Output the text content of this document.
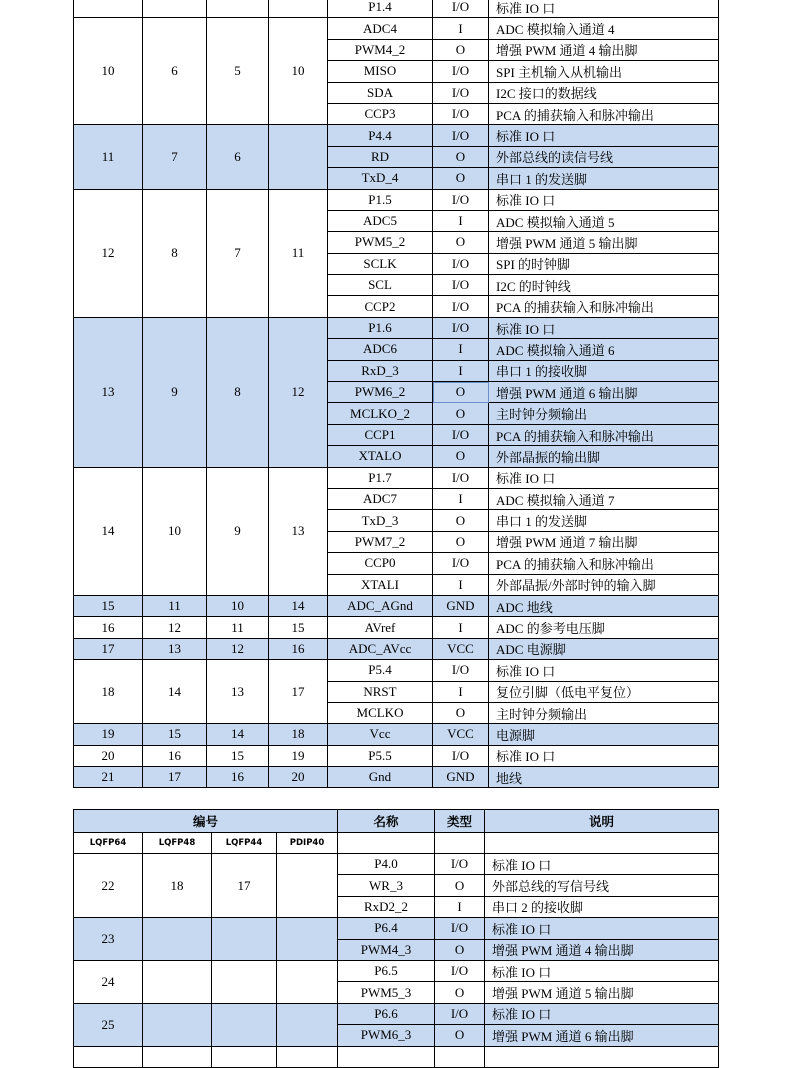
				P1.4	I/O	标准 IO 口
10	6	5	10	ADC4	I	ADC 模拟输入通道 4
				PWM4_2	O	增强 PWM 通道 4 输出脚
				MISO	I/O	SPI 主机输入从机输出
				SDA	I/O	I2C 接口的数据线
				CCP3	I/O	PCA 的捕获输入和脉冲输出
11	7	6		P4.4	I/O	标准 IO 口
				RD	O	外部总线的读信号线
				TxD_4	O	串口 1 的发送脚
12	8	7	11	P1.5	I/O	标准 IO 口
				ADC5	I	ADC 模拟输入通道 5
				PWM5_2	O	增强 PWM 通道 5 输出脚
				SCLK	I/O	SPI 的时钟脚
				SCL	I/O	I2C 的时钟线
				CCP2	I/O	PCA 的捕获输入和脉冲输出
13	9	8	12	P1.6	I/O	标准 IO 口
				ADC6	I	ADC 模拟输入通道 6
				RxD_3	I	串口 1 的接收脚
				PWM6_2	O	增强 PWM 通道 6 输出脚
				MCLKO_2	O	主时钟分频输出
				CCP1	I/O	PCA 的捕获输入和脉冲输出
				XTALO	O	外部晶振的输出脚
14	10	9	13	P1.7	I/O	标准 IO 口
				ADC7	I	ADC 模拟输入通道 7
				TxD_3	O	串口 1 的发送脚
				PWM7_2	O	增强 PWM 通道 7 输出脚
				CCP0	I/O	PCA 的捕获输入和脉冲输出
				XTALI	I	外部晶振/外部时钟的输入脚
15	11	10	14	ADC_AGnd	GND	ADC 地线
16	12	11	15	AVref	I	ADC 的参考电压脚
17	13	12	16	ADC_AVcc	VCC	ADC 电源脚
18	14	13	17	P5.4	I/O	标准 IO 口
				NRST	I	复位引脚（低电平复位）
				MCLKO	O	主时钟分频输出
19	15	14	18	Vcc	VCC	电源脚
20	16	15	19	P5.5	I/O	标准 IO 口
21	17	16	20	Gnd	GND	地线
编号				名称	类型	说明
LQFP64	LQFP48	LQFP44	PDIP40			
22	18	17		P4.0	I/O	标准 IO 口
				WR_3	O	外部总线的写信号线
				RxD2_2	I	串口 2 的接收脚
23				P6.4	I/O	标准 IO 口
				PWM4_3	O	增强 PWM 通道 4 输出脚
24				P6.5	I/O	标准 IO 口
				PWM5_3	O	增强 PWM 通道 5 输出脚
25				P6.6	I/O	标准 IO 口
				PWM6_3	O	增强 PWM 通道 6 输出脚
